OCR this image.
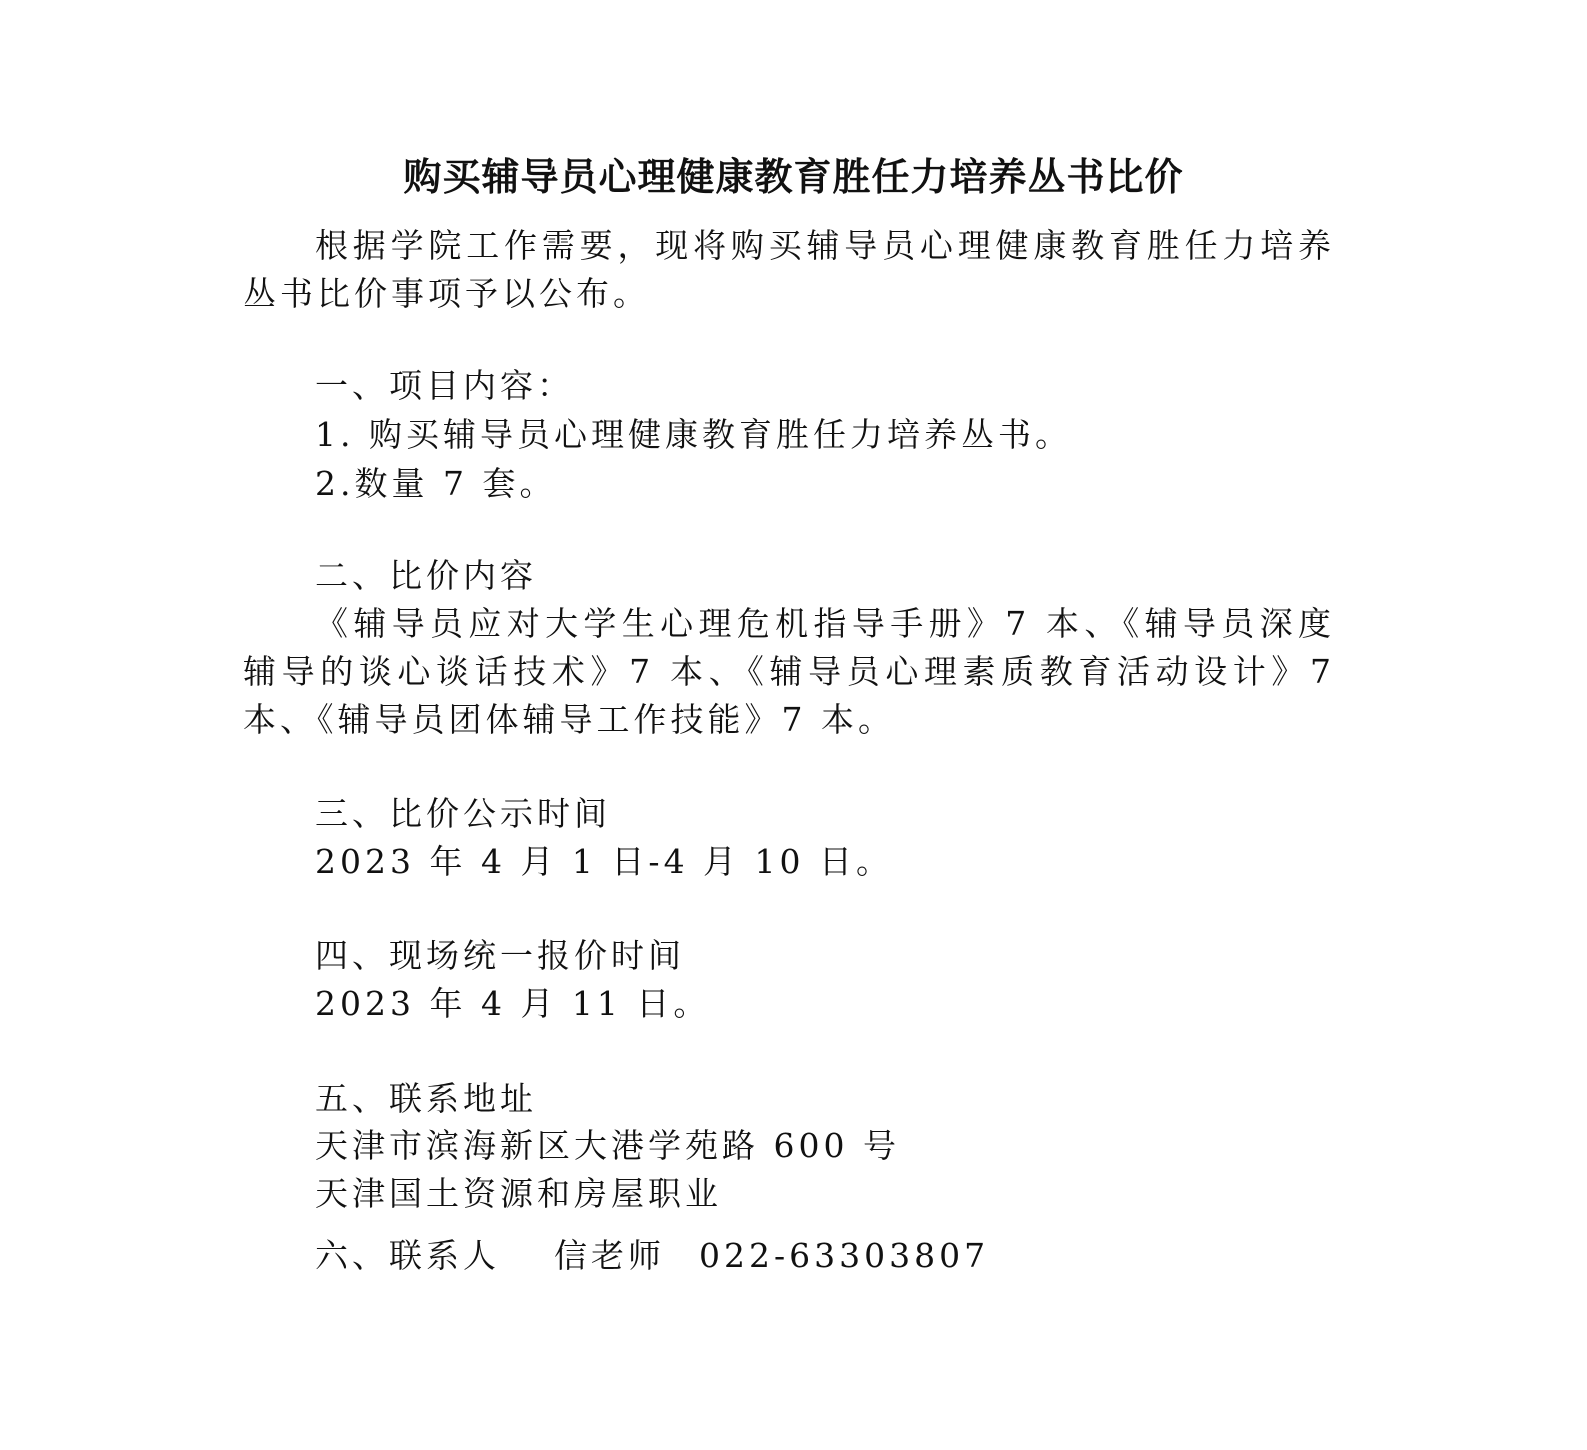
购买辅导员心理健康教育胜任力培养丛书比价
根据学院工作需要，现将购买辅导员心理健康教育胜任力培养丛书比价事项予以公布。
一、项目内容：
1. 购买辅导员心理健康教育胜任力培养丛书。
2.数量 7 套。
二、比价内容
《辅导员应对大学生心理危机指导手册》7 本、《辅导员深度辅导的谈心谈话技术》7 本、《辅导员心理素质教育活动设计》7 本、《辅导员团体辅导工作技能》7 本。
三、比价公示时间
2023 年 4 月 1 日-4 月 10 日。
四、现场统一报价时间
2023 年 4 月 11 日。
五、联系地址
天津市滨海新区大港学苑路 600 号
天津国土资源和房屋职业
六、联系人 信老师 022-63303807
